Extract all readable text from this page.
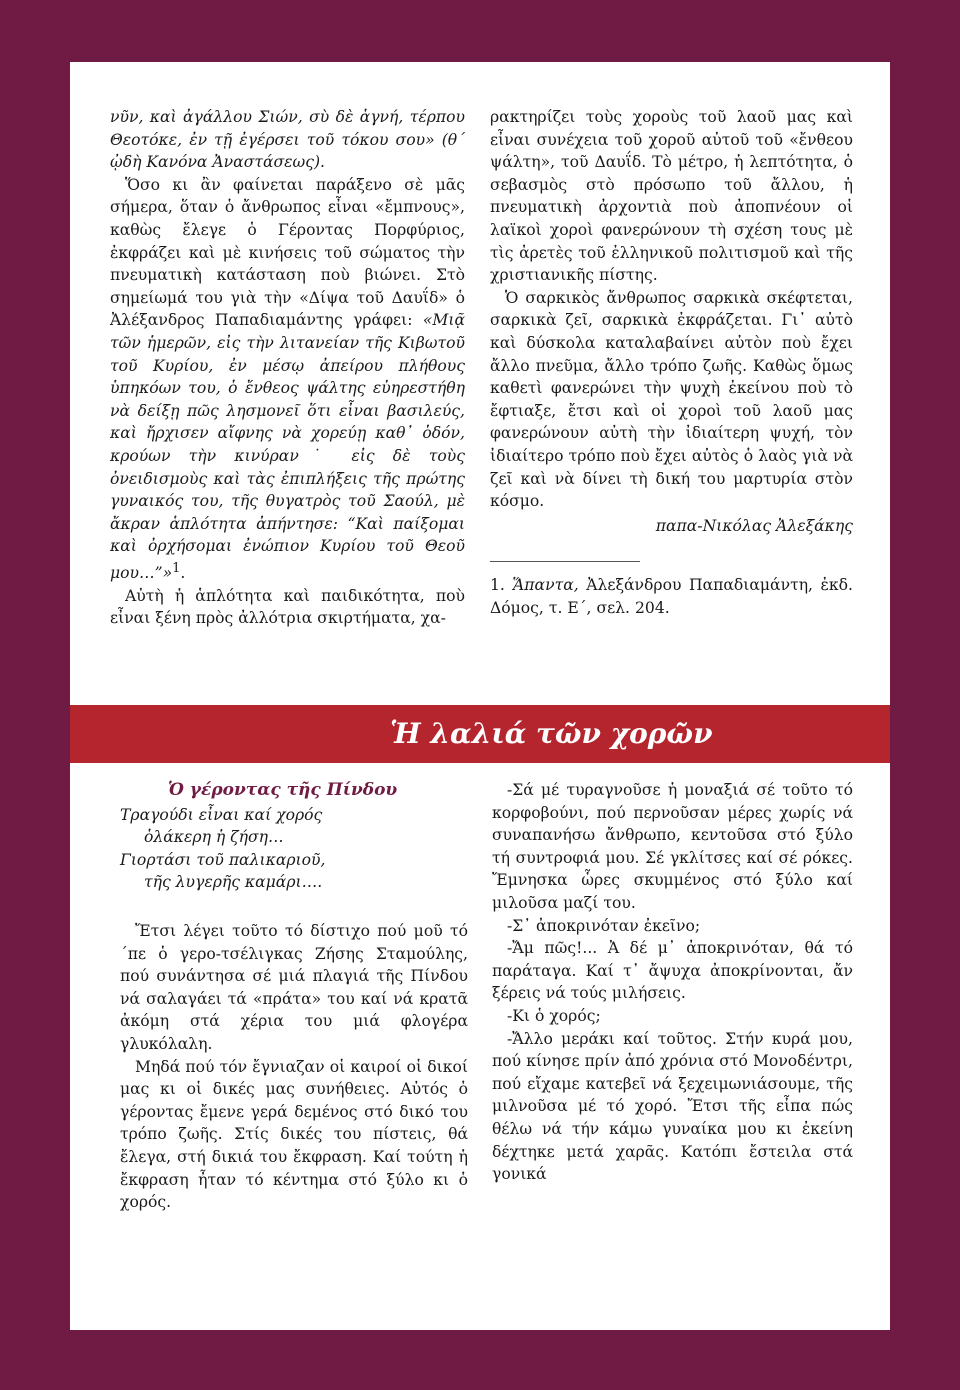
νῦν, καὶ ἀγάλλου Σιών, σὺ δὲ ἁγνή, τέρπου Θεοτόκε, ἐν τῇ ἐγέρσει τοῦ τόκου σου» (θ΄ ᾠδὴ Κανόνα Ἀναστάσεως).

Ὅσο κι ἂν φαίνεται παράξενο σὲ μᾶς σήμερα, ὅταν ὁ ἄνθρωπος εἶναι «ἔμπνους», καθὼς ἔλεγε ὁ Γέροντας Πορφύριος, ἐκφράζει καὶ μὲ κινήσεις τοῦ σώματος τὴν πνευματικὴ κατάσταση ποὺ βιώνει. Στὸ σημείωμά του γιὰ τὴν «Δίψα τοῦ Δαυΐδ» ὁ Ἀλέξανδρος Παπαδιαμάντης γράφει: «Μιᾷ τῶν ἡμερῶν, εἰς τὴν λιτανείαν τῆς Κιβωτοῦ τοῦ Κυρίου, ἐν μέσῳ ἀπείρου πλήθους ὑπηκόων του, ὁ ἔνθεος ψάλτης εὐηρεστήθη νὰ δείξῃ πῶς λησμονεῖ ὅτι εἶναι βασιλεύς, καὶ ἤρχισεν αἴφνης νὰ χορεύῃ καθ᾽ ὁδόν, κρούων τὴν κινύραν˙ εἰς δὲ τοὺς ὀνειδισμοὺς καὶ τὰς ἐπιπλήξεις τῆς πρώτης γυναικός του, τῆς θυγατρὸς τοῦ Σαούλ, μὲ ἄκραν ἁπλότητα ἀπήντησε: “Καὶ παίξομαι καὶ ὀρχήσομαι ἐνώπιον Κυρίου τοῦ Θεοῦ μου…”»$^1$.

Αὐτὴ ἡ ἁπλότητα καὶ παιδικότητα, ποὺ εἶναι ξένη πρὸς ἀλλότρια σκιρτήματα, χα-

ρακτηρίζει τοὺς χοροὺς τοῦ λαοῦ μας καὶ εἶναι συνέχεια τοῦ χοροῦ αὐτοῦ τοῦ «ἔνθεου ψάλτη», τοῦ Δαυΐδ. Τὸ μέτρο, ἡ λεπτότητα, ὁ σεβασμὸς στὸ πρόσωπο τοῦ ἄλλου, ἡ πνευματικὴ ἀρχοντιὰ ποὺ ἀποπνέουν οἱ λαϊκοὶ χοροὶ φανερώνουν τὴ σχέση τους μὲ τὶς ἀρετὲς τοῦ ἑλληνικοῦ πολιτισμοῦ καὶ τῆς χριστιανικῆς πίστης.

Ὁ σαρκικὸς ἄνθρωπος σαρκικὰ σκέφτεται, σαρκικὰ ζεῖ, σαρκικὰ ἐκφράζεται. Γι᾽ αὐτὸ καὶ δύσκολα καταλαβαίνει αὐτὸν ποὺ ἔχει ἄλλο πνεῦμα, ἄλλο τρόπο ζωῆς. Καθὼς ὅμως καθετὶ φανερώνει τὴν ψυχὴ ἐκείνου ποὺ τὸ ἔφτιαξε, ἔτσι καὶ οἱ χοροὶ τοῦ λαοῦ μας φανερώνουν αὐτὴ τὴν ἰδιαίτερη ψυχή, τὸν ἰδιαίτερο τρόπο ποὺ ἔχει αὐτὸς ὁ λαὸς γιὰ νὰ ζεῖ καὶ νὰ δίνει τὴ δική του μαρτυρία στὸν κόσμο.

παπα-Νικόλας Ἀλεξάκης

1. Ἅπαντα, Ἀλεξάνδρου Παπαδιαμάντη, ἐκδ. Δόμος, τ. Ε΄, σελ. 204.

Ἡ λαλιά τῶν χορῶν
Ὁ γέροντας τῆς Πίνδου
Τραγούδι εἶναι καί χορός
ὁλάκερη ἡ ζήση…
Γιορτάσι τοῦ παλικαριοῦ,
τῆς λυγερῆς καμάρι….

Ἔτσι λέγει τοῦτο τό δίστιχο πού μοῦ τό ΄πε ὁ γερο-τσέλιγκας Ζήσης Σταμούλης, πού συνάντησα σέ μιά πλαγιά τῆς Πίνδου νά σαλαγάει τά «πράτα» του καί νά κρατᾶ ἀκόμη στά χέρια του μιά φλογέρα γλυκόλαλη.

Μηδά πού τόν ἔγνιαζαν οἱ καιροί οἱ δικοί μας κι οἱ δικές μας συνήθειες. Αὐτός ὁ γέροντας ἔμενε γερά δεμένος στό δικό του τρόπο ζωῆς. Στίς δικές του πίστεις, θά ἔλεγα, στή δικιά του ἔκφραση. Καί τούτη ἡ ἔκφραση ἦταν τό κέντημα στό ξύλο κι ὁ χορός.

-Σά μέ τυραγνοῦσε ἡ μοναξιά σέ τοῦτο τό κορφοβούνι, πού περνοῦσαν μέρες χωρίς νά συναπανήσω ἄνθρωπο, κεντοῦσα στό ξύλο τή συντροφιά μου. Σέ γκλίτσες καί σέ ρόκες. Ἔμνησκα ὧρες σκυμμένος στό ξύλο καί μιλοῦσα μαζί του.

-Σ᾽ ἀποκρινόταν ἐκεῖνο;

-Ἄμ πῶς!... Ἀ δέ μ᾽ ἀποκρινόταν, θά τό παράταγα. Καί τ᾽ ἄψυχα ἀποκρίνονται, ἄν ξέρεις νά τούς μιλήσεις.

-Κι ὁ χορός;

-Ἄλλο μεράκι καί τοῦτος. Στήν κυρά μου, πού κίνησε πρίν ἀπό χρόνια στό Μονοδέντρι, πού εἴχαμε κατεβεῖ νά ξεχειμωνιάσουμε, τῆς μιλνοῦσα μέ τό χορό. Ἔτσι τῆς εἶπα πώς θέλω νά τήν κάμω γυναίκα μου κι ἐκείνη δέχτηκε μετά χαρᾶς. Κατόπι ἔστειλα στά γονικά
